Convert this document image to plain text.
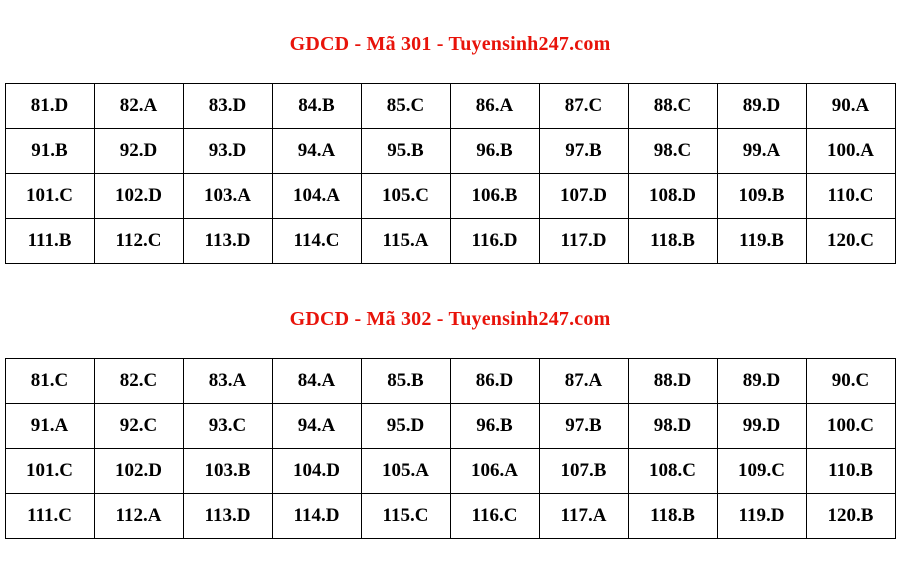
GDCD - Mã 301 - Tuyensinh247.com
81.D	82.A	83.D	84.B	85.C	86.A	87.C	88.C	89.D	90.A
91.B	92.D	93.D	94.A	95.B	96.B	97.B	98.C	99.A	100.A
101.C	102.D	103.A	104.A	105.C	106.B	107.D	108.D	109.B	110.C
111.B	112.C	113.D	114.C	115.A	116.D	117.D	118.B	119.B	120.C
GDCD - Mã 302 - Tuyensinh247.com
81.C	82.C	83.A	84.A	85.B	86.D	87.A	88.D	89.D	90.C
91.A	92.C	93.C	94.A	95.D	96.B	97.B	98.D	99.D	100.C
101.C	102.D	103.B	104.D	105.A	106.A	107.B	108.C	109.C	110.B
111.C	112.A	113.D	114.D	115.C	116.C	117.A	118.B	119.D	120.B
